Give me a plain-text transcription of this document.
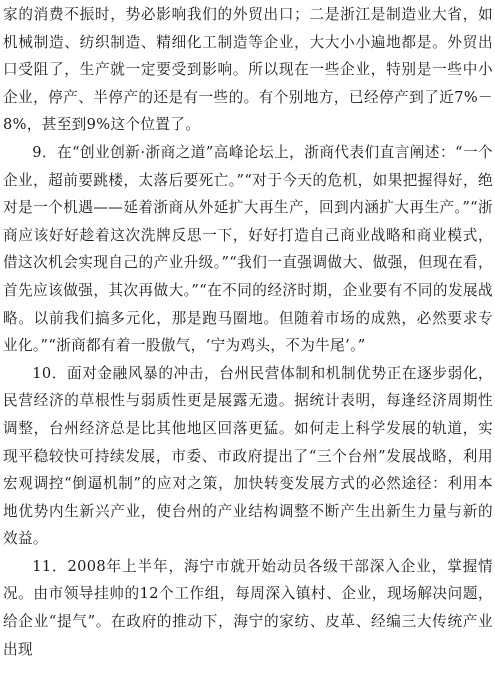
家的消费不振时，势必影响我们的外贸出口；二是浙江是制造业大省，如机械制造、纺织制造、精细化工制造等企业，大大小小遍地都是。外贸出口受阻了，生产就一定要受到影响。所以现在一些企业，特别是一些中小企业，停产、半停产的还是有一些的。有个别地方，已经停产到了近7%－8%，甚至到9%这个位置了。

9．在“创业创新·浙商之道”高峰论坛上，浙商代表们直言阐述：“一个企业，超前要跳楼，太落后要死亡。”“对于今天的危机，如果把握得好，绝对是一个机遇——延着浙商从外延扩大再生产，回到内涵扩大再生产。”“浙商应该好好趁着这次洗牌反思一下，好好打造自己商业战略和商业模式，借这次机会实现自己的产业升级。”“我们一直强调做大、做强，但现在看，首先应该做强，其次再做大。”“在不同的经济时期，企业要有不同的发展战略。以前我们搞多元化，那是跑马圈地。但随着市场的成熟，必然要求专业化。”“浙商都有着一股傲气，‘宁为鸡头，不为牛尾’。”

10．面对金融风暴的冲击，台州民营体制和机制优势正在逐步弱化，民营经济的草根性与弱质性更是展露无遗。据统计表明，每逢经济周期性调整，台州经济总是比其他地区回落更猛。如何走上科学发展的轨道，实现平稳较快可持续发展，市委、市政府提出了“三个台州”发展战略，利用宏观调控“倒逼机制”的应对之策，加快转变发展方式的必然途径：利用本地优势内生新兴产业，使台州的产业结构调整不断产生出新生力量与新的效益。

11．2008年上半年，海宁市就开始动员各级干部深入企业，掌握情况。由市领导挂帅的12个工作组，每周深入镇村、企业，现场解决问题，给企业“提气”。在政府的推动下，海宁的家纺、皮革、经编三大传统产业出现
